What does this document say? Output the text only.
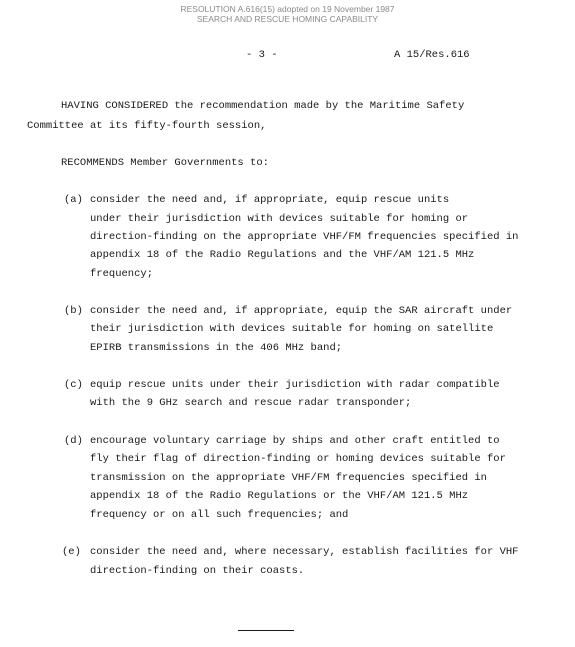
RESOLUTION A.616(15) adopted on 19 November 1987
SEARCH AND RESCUE HOMING CAPABILITY
- 3 -	A 15/Res.616
HAVING CONSIDERED the recommendation made by the Maritime Safety
Committee at its fifty-fourth session,
RECOMMENDS Member Governments to:
(a) consider the need and, if appropriate, equip rescue units
under their jurisdiction with devices suitable for homing or
direction-finding on the appropriate VHF/FM frequencies specified in
appendix 18 of the Radio Regulations and the VHF/AM 121.5 MHz
frequency;
(b) consider the need and, if appropriate, equip the SAR aircraft under
their jurisdiction with devices suitable for homing on satellite
EPIRB transmissions in the 406 MHz band;
(c) equip rescue units under their jurisdiction with radar compatible
with the 9 GHz search and rescue radar transponder;
(d) encourage voluntary carriage by ships and other craft entitled to
fly their flag of direction-finding or homing devices suitable for
transmission on the appropriate VHF/FM frequencies specified in
appendix 18 of the Radio Regulations or the VHF/AM 121.5 MHz
frequency or on all such frequencies; and
(e) consider the need and, where necessary, establish facilities for VHF
direction-finding on their coasts.
